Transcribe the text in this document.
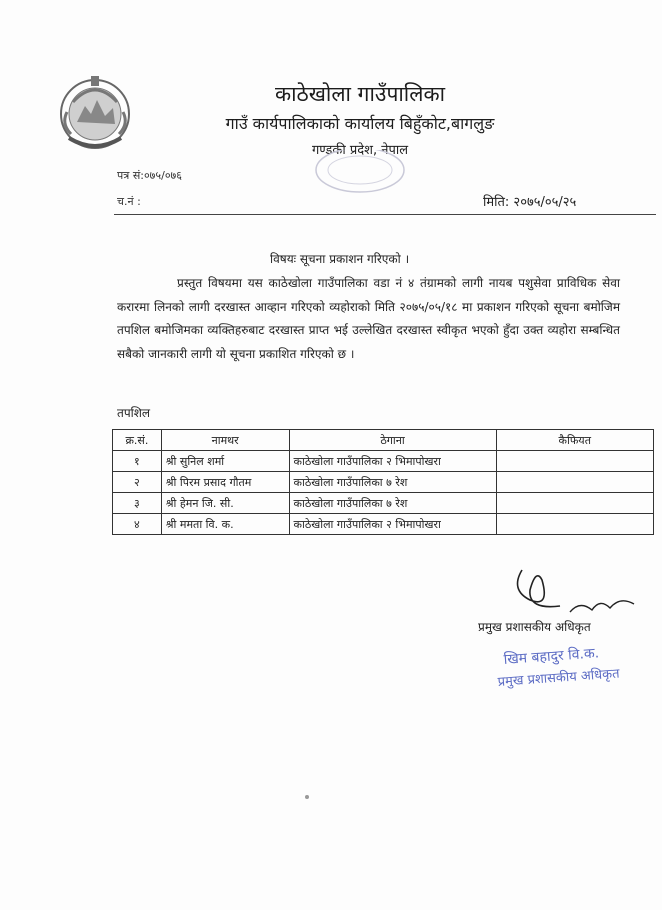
काठेखोला गाउँपालिका
गाउँ कार्यपालिकाको कार्यालय बिहुँकोट,बागलुङ
गण्डकी प्रदेश, नेपाल
पत्र सं:०७५/०७६
च.नं :	मिति: २०७५/०५/२५
विषयः सूचना प्रकाशन गरिएको ।
प्रस्तुत विषयमा यस काठेखोला गाउँपालिका वडा नं ४ तंग्रामको लागी नायब पशुसेवा प्राविधिक सेवा करारमा लिनको लागी दरखास्त आव्हान गरिएको व्यहोराको मिति २०७५/०५/१८ मा प्रकाशन गरिएको सूचना बमोजिम तपशिल बमोजिमका व्यक्तिहरुबाट दरखास्त प्राप्त भई उल्लेखित दरखास्त स्वीकृत भएको हुँदा उक्त व्यहोरा सम्बन्धित सबैको जानकारी लागी यो सूचना प्रकाशित गरिएको छ ।
तपशिल
क्र.सं.	नामथर	ठेगाना	कैफियत
१	श्री सुनिल शर्मा	काठेखोला गाउँपालिका २ भिमापोखरा	
२	श्री पिरम प्रसाद गौतम	काठेखोला गाउँपालिका ७ रेश	
३	श्री हेमन जि. सी.	काठेखोला गाउँपालिका ७ रेश	
४	श्री ममता वि. क.	काठेखोला गाउँपालिका २ भिमापोखरा	
प्रमुख प्रशासकीय अधिकृत
खिम बहादुर वि.क.
प्रमुख प्रशासकीय अधिकृत
